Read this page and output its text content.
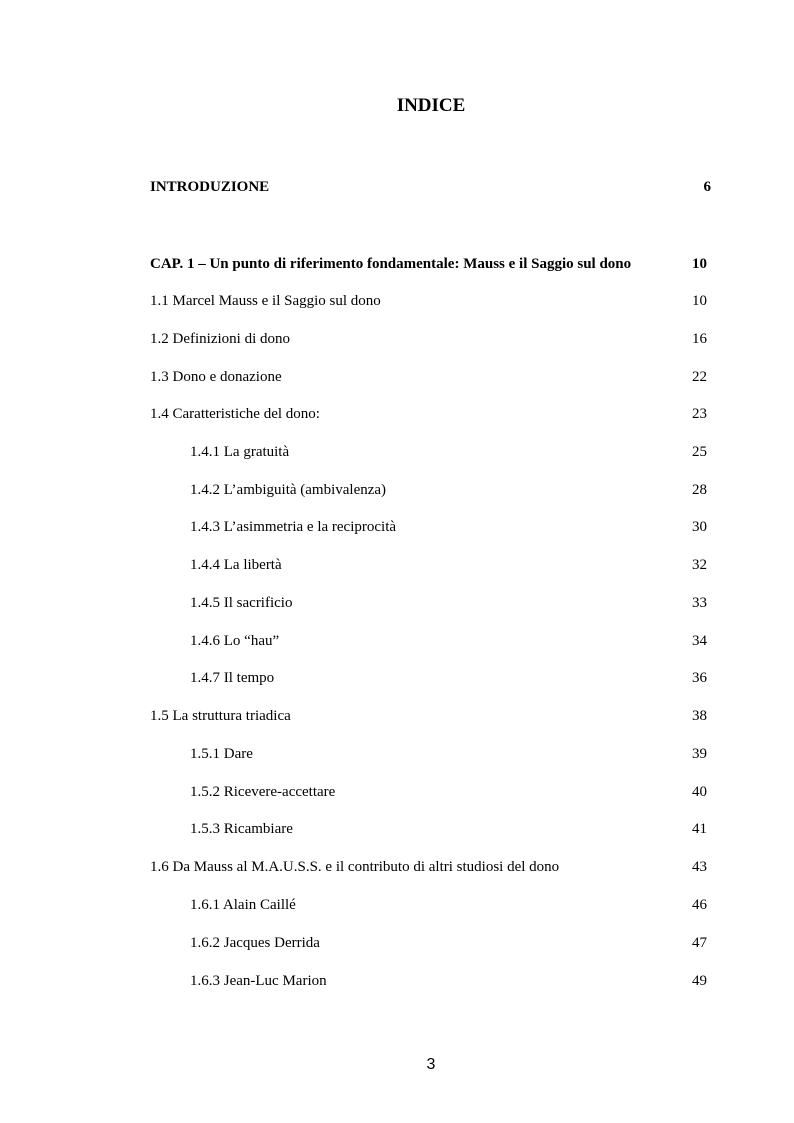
INDICE
INTRODUZIONE	6
CAP. 1 – Un punto di riferimento fondamentale: Mauss e il Saggio sul dono	10
1.1 Marcel Mauss e il Saggio sul dono	10
1.2 Definizioni di dono	16
1.3 Dono e donazione	22
1.4 Caratteristiche del dono:	23
1.4.1 La gratuità	25
1.4.2 L’ambiguità (ambivalenza)	28
1.4.3 L’asimmetria e la reciprocità	30
1.4.4 La libertà	32
1.4.5 Il sacrificio	33
1.4.6 Lo “hau”	34
1.4.7 Il tempo	36
1.5 La struttura triadica	38
1.5.1 Dare	39
1.5.2 Ricevere-accettare	40
1.5.3 Ricambiare	41
1.6 Da Mauss al M.A.U.S.S. e il contributo di altri studiosi del dono	43
1.6.1 Alain Caillé	46
1.6.2 Jacques Derrida	47
1.6.3 Jean-Luc Marion	49
3
